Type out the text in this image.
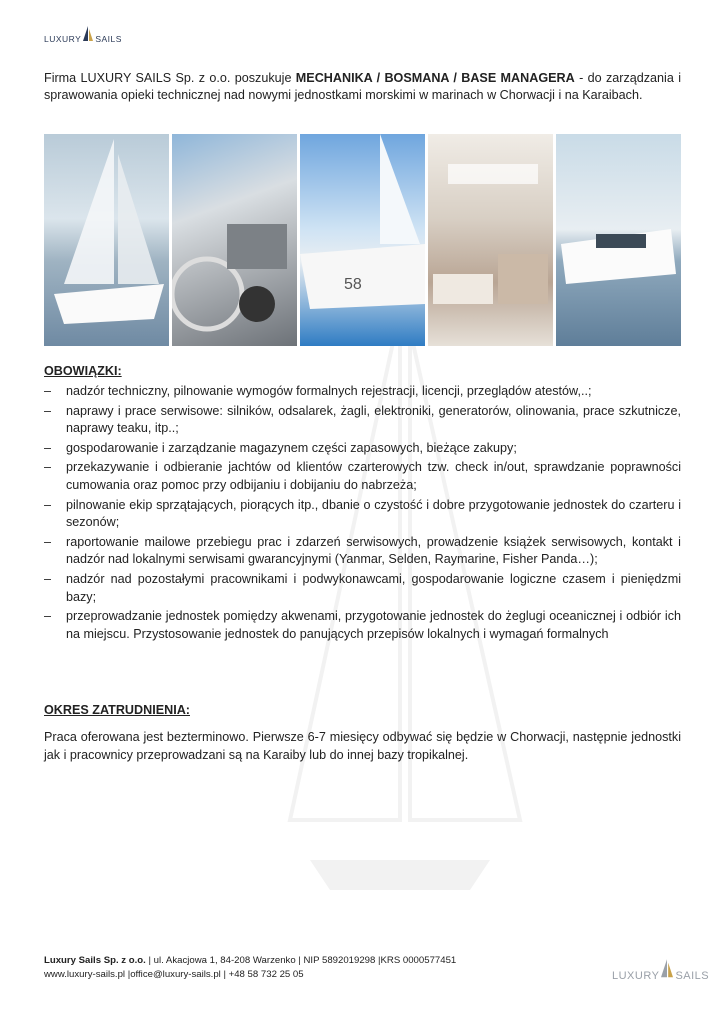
LUXURY SAILS

Firma LUXURY SAILS Sp. z o.o. poszukuje MECHANIKA / BOSMANA / BASE MANAGERA - do zarządzania i sprawowania opieki technicznej nad nowymi jednostkami morskimi w marinach w Chorwacji i na Karaibach.

58
OBOWIĄZKI:
– nadzór techniczny, pilnowanie wymogów formalnych rejestracji, licencji, przeglądów atestów,..;
– naprawy i prace serwisowe: silników, odsalarek, żagli, elektroniki, generatorów, olinowania, prace szkutnicze, naprawy teaku, itp..;
– gospodarowanie i zarządzanie magazynem części zapasowych, bieżące zakupy;
– przekazywanie i odbieranie jachtów od klientów czarterowych tzw. check in/out, sprawdzanie poprawności cumowania oraz pomoc przy odbijaniu i dobijaniu do nabrzeża;
– pilnowanie ekip sprzątających, piorących itp., dbanie o czystość i dobre przygotowanie jednostek do czarteru i sezonów;
– raportowanie mailowe przebiegu prac i zdarzeń serwisowych, prowadzenie książek serwisowych, kontakt i nadzór nad lokalnymi serwisami gwarancyjnymi (Yanmar, Selden, Raymarine, Fisher Panda…);
– nadzór nad pozostałymi pracownikami i podwykonawcami, gospodarowanie logiczne czasem i pieniędzmi bazy;
– przeprowadzanie jednostek pomiędzy akwenami, przygotowanie jednostek do żeglugi oceanicznej i odbiór ich na miejscu. Przystosowanie jednostek do panujących przepisów lokalnych i wymagań formalnych
OKRES ZATRUDNIENIA:

Praca oferowana jest bezterminowo. Pierwsze 6-7 miesięcy odbywać się będzie w Chorwacji, następnie jednostki jak i pracownicy przeprowadzani są na Karaiby lub do innej bazy tropikalnej.

Luxury Sails Sp. z o.o. | ul. Akacjowa 1, 84-208 Warzenko | NIP 5892019298 |KRS 0000577451
www.luxury-sails.pl |office@luxury-sails.pl | +48 58 732 25 05	LUXURY SAILS
